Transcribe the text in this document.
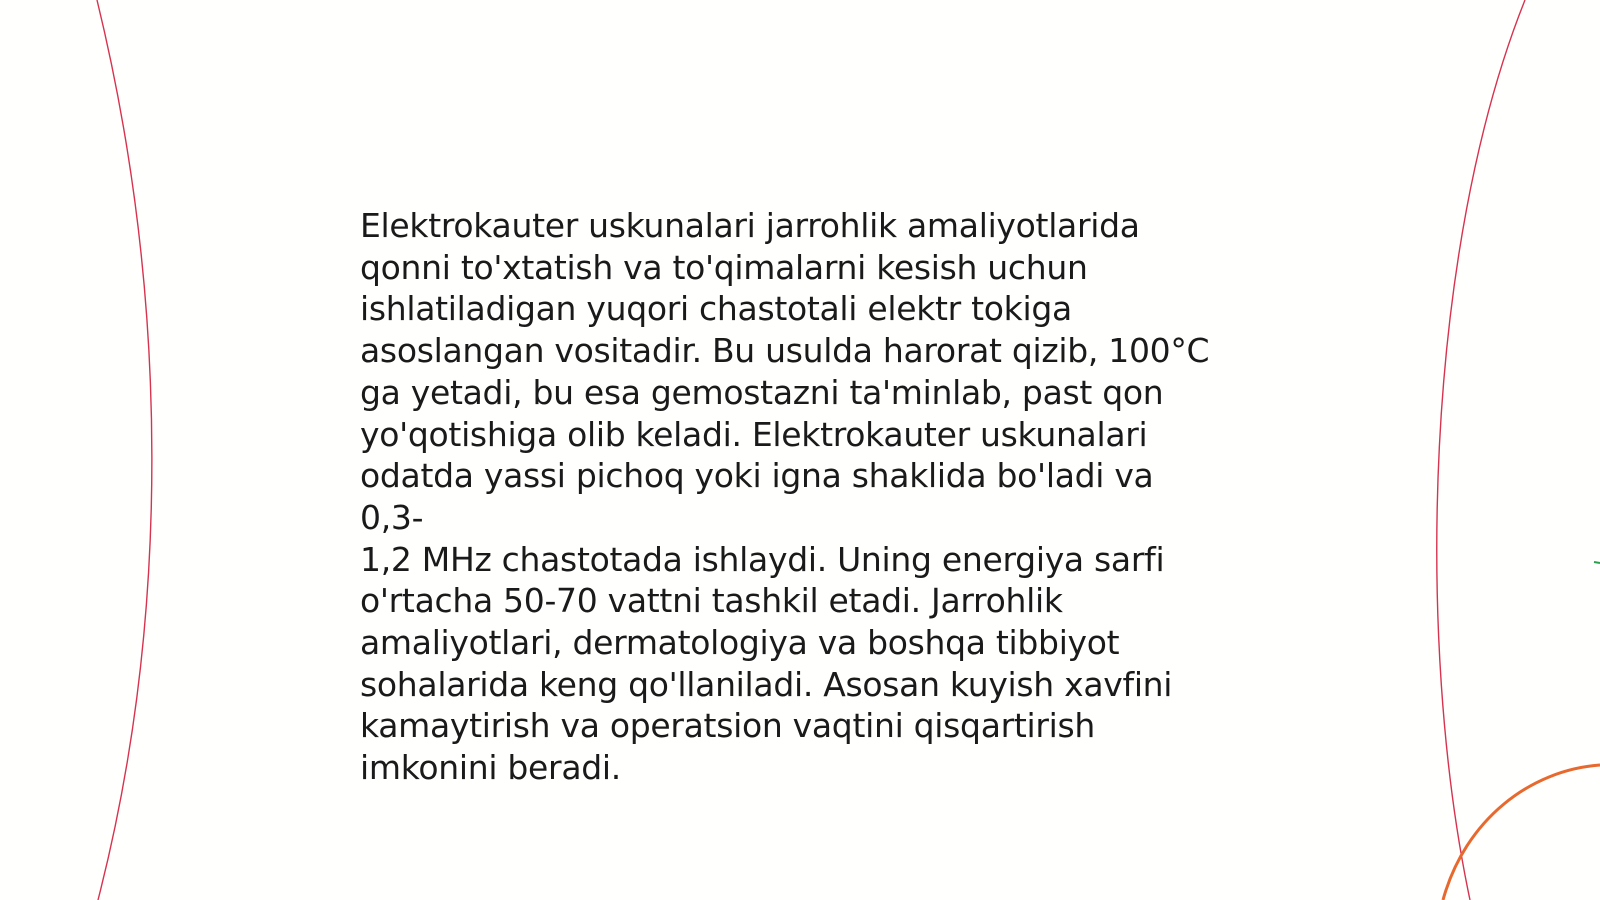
Elektrokauter uskunalari jarrohlik amaliyotlarida
qonni to'xtatish va to'qimalarni kesish uchun
ishlatiladigan yuqori chastotali elektr tokiga
asoslangan vositadir. Bu usulda harorat qizib, 100°C
ga yetadi, bu esa gemostazni ta'minlab, past qon
yo'qotishiga olib keladi. Elektrokauter uskunalari
odatda yassi pichoq yoki igna shaklida bo'ladi va 0,3-
1,2 MHz chastotada ishlaydi. Uning energiya sarfi
o'rtacha 50-70 vattni tashkil etadi. Jarrohlik
amaliyotlari, dermatologiya va boshqa tibbiyot
sohalarida keng qo'llaniladi. Asosan kuyish xavfini
kamaytirish va operatsion vaqtini qisqartirish
imkonini beradi.
